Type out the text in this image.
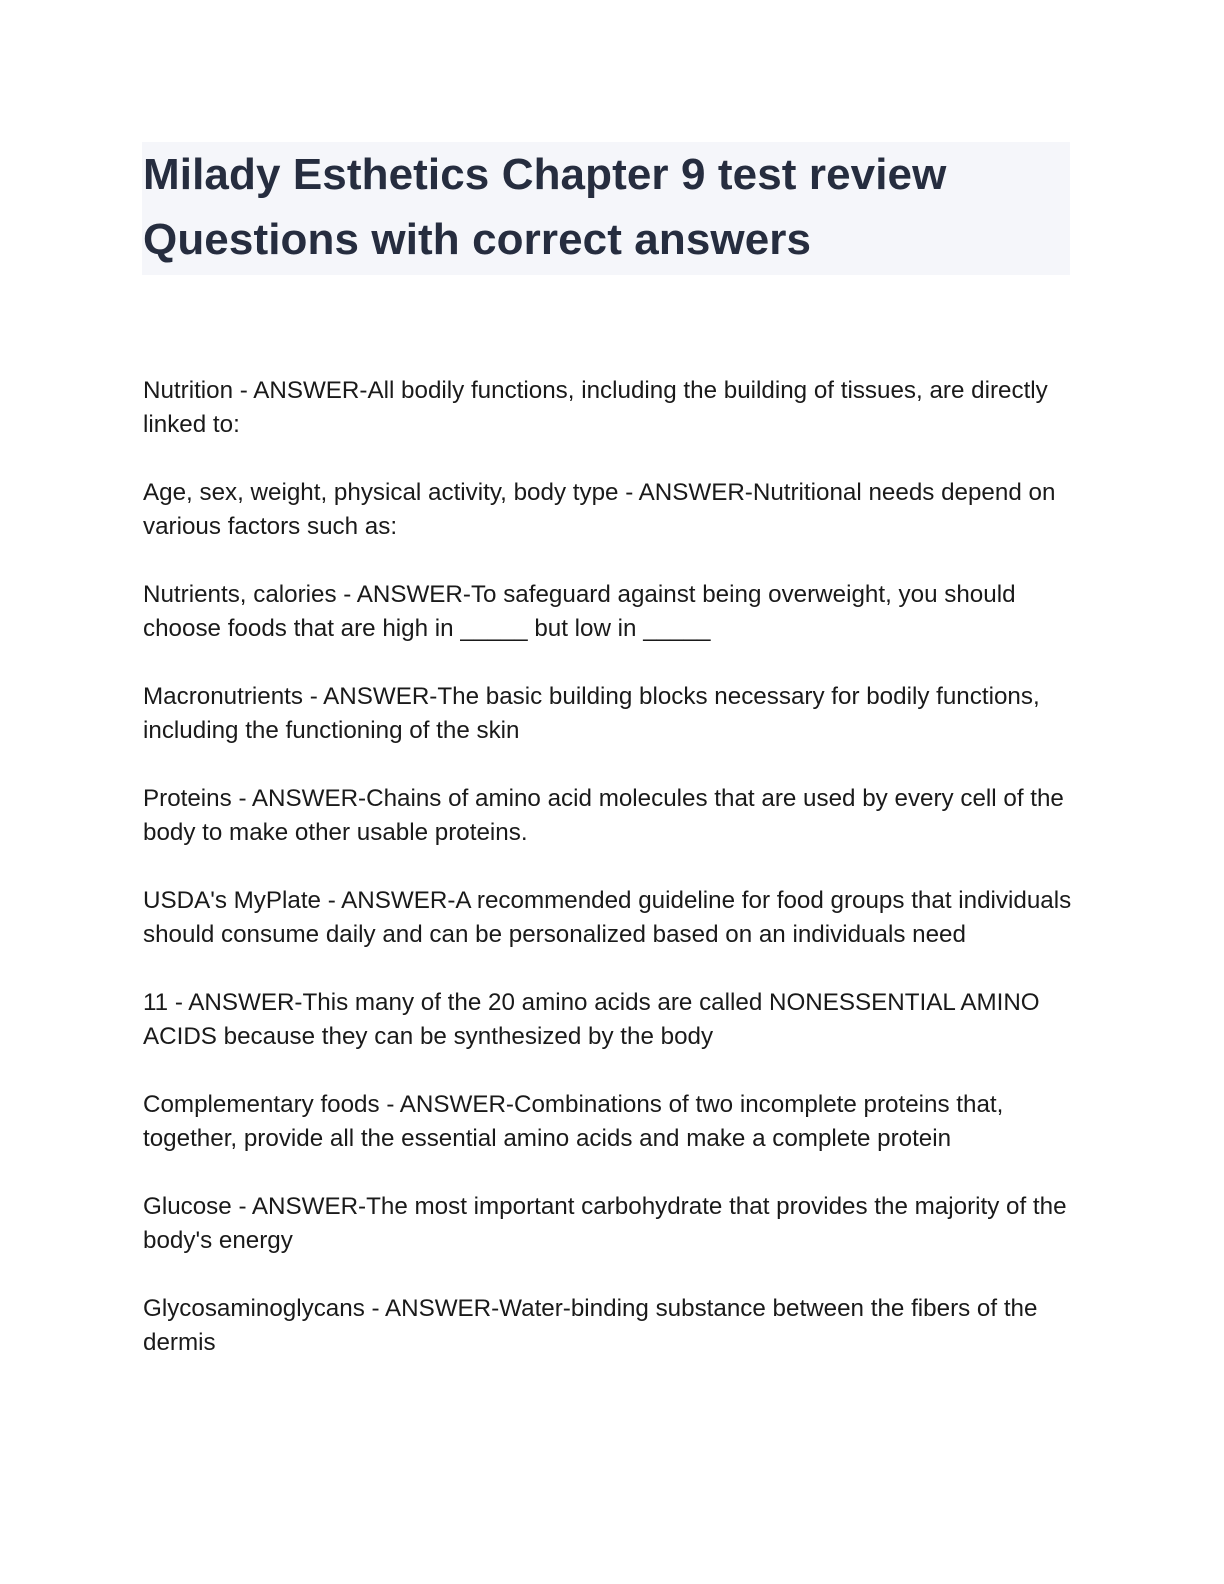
Milady Esthetics Chapter 9 test review Questions with correct answers

Nutrition - ANSWER-All bodily functions, including the building of tissues, are directly linked to:

Age, sex, weight, physical activity, body type - ANSWER-Nutritional needs depend on various factors such as:

Nutrients, calories - ANSWER-To safeguard against being overweight, you should choose foods that are high in _____ but low in _____

Macronutrients - ANSWER-The basic building blocks necessary for bodily functions, including the functioning of the skin

Proteins - ANSWER-Chains of amino acid molecules that are used by every cell of the body to make other usable proteins.

USDA's MyPlate - ANSWER-A recommended guideline for food groups that individuals should consume daily and can be personalized based on an individuals need

11 - ANSWER-This many of the 20 amino acids are called NONESSENTIAL AMINO ACIDS because they can be synthesized by the body

Complementary foods - ANSWER-Combinations of two incomplete proteins that, together, provide all the essential amino acids and make a complete protein

Glucose - ANSWER-The most important carbohydrate that provides the majority of the body's energy

Glycosaminoglycans - ANSWER-Water-binding substance between the fibers of the dermis
